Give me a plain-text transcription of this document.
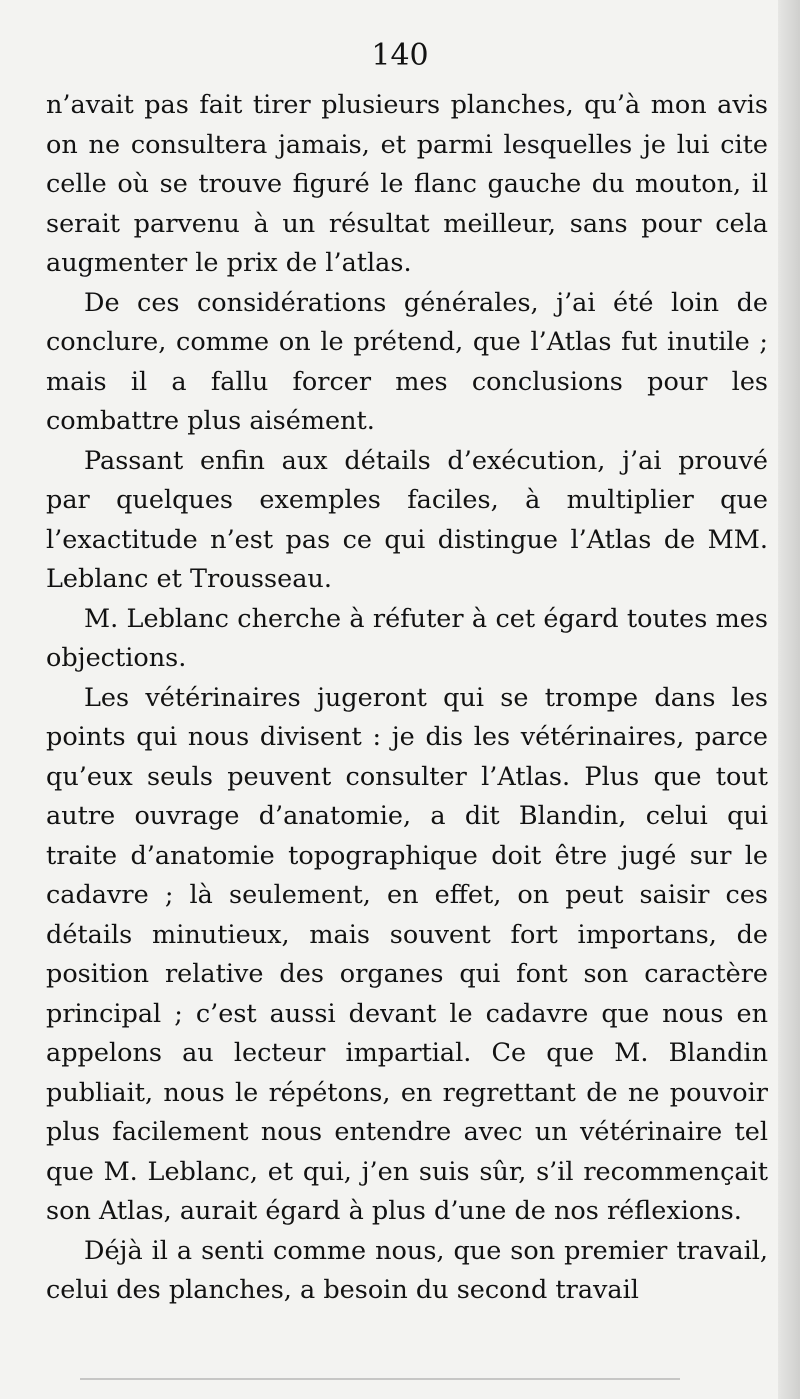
140

n’avait pas fait tirer plusieurs planches, qu’à mon avis on ne consultera jamais, et parmi lesquelles je lui cite celle où se trouve figuré le flanc gauche du mouton, il serait parvenu à un résultat meilleur, sans pour cela augmenter le prix de l’atlas.

De ces considérations générales, j’ai été loin de conclure, comme on le prétend, que l’Atlas fut inutile ; mais il a fallu forcer mes conclusions pour les combattre plus aisément.

Passant enfin aux détails d’exécution, j’ai prouvé par quelques exemples faciles, à multiplier que l’exactitude n’est pas ce qui distingue l’Atlas de MM. Leblanc et Trousseau.

M. Leblanc cherche à réfuter à cet égard toutes mes objections.

Les vétérinaires jugeront qui se trompe dans les points qui nous divisent : je dis les vétérinaires, parce qu’eux seuls peuvent consulter l’Atlas. Plus que tout autre ouvrage d’anatomie, a dit Blandin, celui qui traite d’anatomie topographique doit être jugé sur le cadavre ; là seulement, en effet, on peut saisir ces détails minutieux, mais souvent fort importans, de position relative des organes qui font son caractère principal ; c’est aussi devant le cadavre que nous en appelons au lecteur impartial. Ce que M. Blandin publiait, nous le répétons, en regrettant de ne pouvoir plus facilement nous entendre avec un vétérinaire tel que M. Leblanc, et qui, j’en suis sûr, s’il recommençait son Atlas, aurait égard à plus d’une de nos réflexions.

Déjà il a senti comme nous, que son premier travail, celui des planches, a besoin du second travail
